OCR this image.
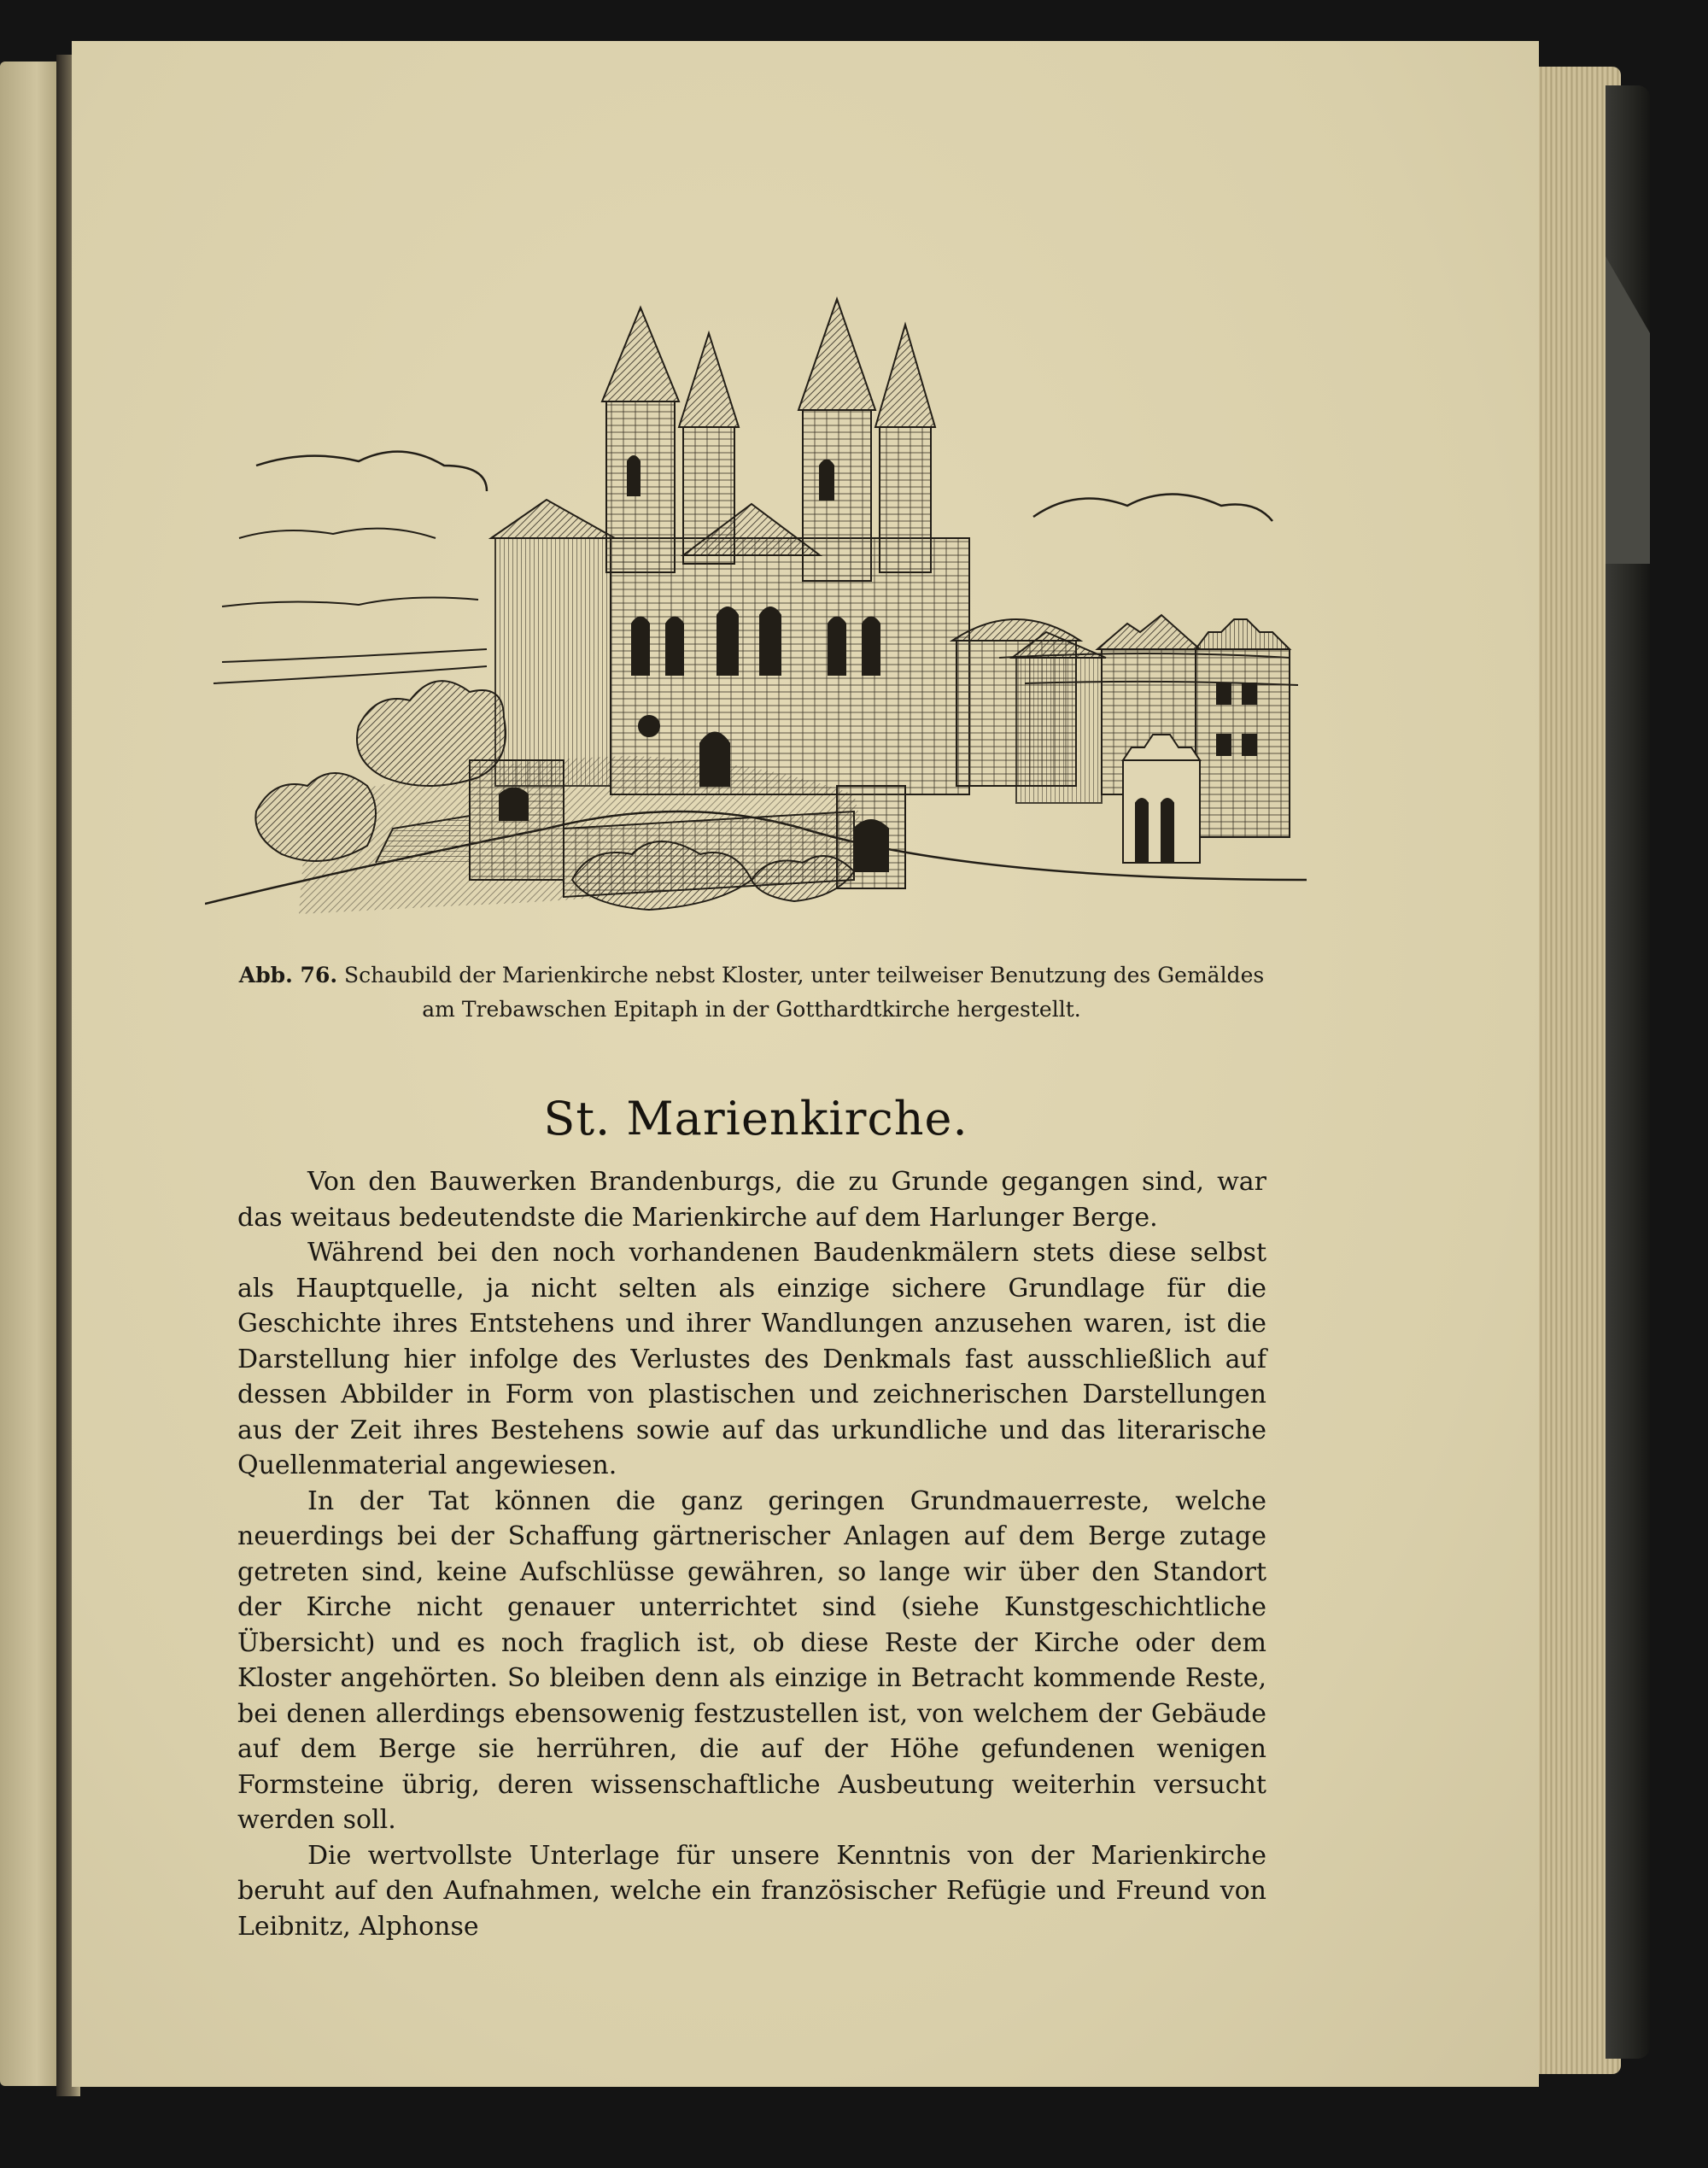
Abb. 76. Schaubild der Marienkirche nebst Kloster, unter teilweiser Benutzung des Gemäldes am Trebawschen Epitaph in der Gotthardtkirche hergestellt.
St. Marienkirche.

Von den Bauwerken Brandenburgs, die zu Grunde gegangen sind, war das weitaus bedeutendste die Marienkirche auf dem Harlunger Berge.

Während bei den noch vorhandenen Baudenkmälern stets diese selbst als Hauptquelle, ja nicht selten als einzige sichere Grundlage für die Geschichte ihres Entstehens und ihrer Wandlungen anzusehen waren, ist die Darstellung hier infolge des Verlustes des Denkmals fast ausschließlich auf dessen Abbilder in Form von plastischen und zeichnerischen Darstellungen aus der Zeit ihres Bestehens sowie auf das urkundliche und das literarische Quellenmaterial angewiesen.

In der Tat können die ganz geringen Grundmauerreste, welche neuerdings bei der Schaffung gärtnerischer Anlagen auf dem Berge zutage getreten sind, keine Aufschlüsse gewähren, so lange wir über den Standort der Kirche nicht genauer unterrichtet sind (siehe Kunstgeschichtliche Übersicht) und es noch fraglich ist, ob diese Reste der Kirche oder dem Kloster angehörten. So bleiben denn als einzige in Betracht kommende Reste, bei denen allerdings ebensowenig festzustellen ist, von welchem der Gebäude auf dem Berge sie herrühren, die auf der Höhe gefundenen wenigen Formsteine übrig, deren wissenschaftliche Ausbeutung weiterhin versucht werden soll.

Die wertvollste Unterlage für unsere Kenntnis von der Marienkirche beruht auf den Aufnahmen, welche ein französischer Refügie und Freund von Leibnitz, Alphonse
